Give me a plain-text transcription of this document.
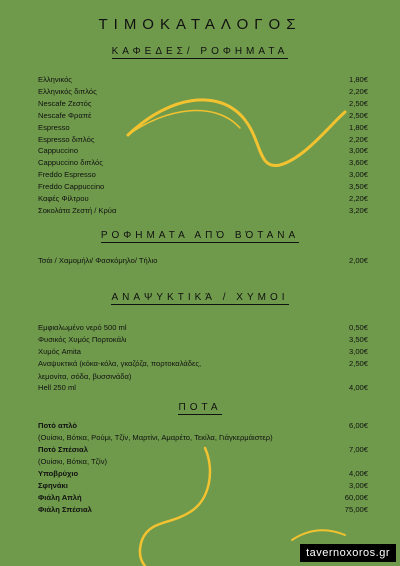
ΤΙΜΟΚΑΤΑΛΟΓΟΣ
ΚΑΦΕΔΕΣ/ ΡΟΦΗΜΑΤΑ
Ελληνικός	1,80€
Ελληνικός διπλός	2,20€
Nescafe Ζεστός	2,50€
Nescafe Φραπέ	2,50€
Espresso	1,80€
Espresso διπλός	2,20€
Cappuccino	3,00€
Cappuccino διπλός	3,60€
Freddo Espresso	3,00€
Freddo Cappuccino	3,50€
Καφές Φίλτρου	2,20€
Σοκολάτα Ζεστή / Κρύα	3,20€
ΡΟΦΗΜΑΤΑ ΑΠΌ ΒΌΤΑΝΑ
Τσάι / Χαμομήλι/ Φασκόμηλο/ Τήλιο	2,00€
ΑΝΑΨΥΚΤΙΚΆ / ΧΥΜΟΙ
Εμφιαλωμένο νερό 500 ml	0,50€
Φυσικός Χυμός Πορτοκάλι	3,50€
Χυμός Amita	3,00€
Αναψυκτικά (κόκα-κόλα, γκαζόζα, πορτοκαλάδες,	2,50€
λεμονίτα, σόδα, βυσσινάδα)
Hell 250 ml	4,00€
ΠΟΤΑ
Ποτό απλό	6,00€
(Ουίσκι, Βότκα, Ρούμι, Τζίν, Μαρτίνι, Αμαρέτο, Τεκίλα, Γιάγκερμάιστερ)
Ποτό Σπέσιαλ	7,00€
(Ουίσκι, Βότκα, Τζίν)
Υποβρύχιο	4,00€
Σφηνάκι	3,00€
Φιάλη Απλή	60,00€
Φιάλη Σπέσιαλ	75,00€
tavernoxoros.gr
